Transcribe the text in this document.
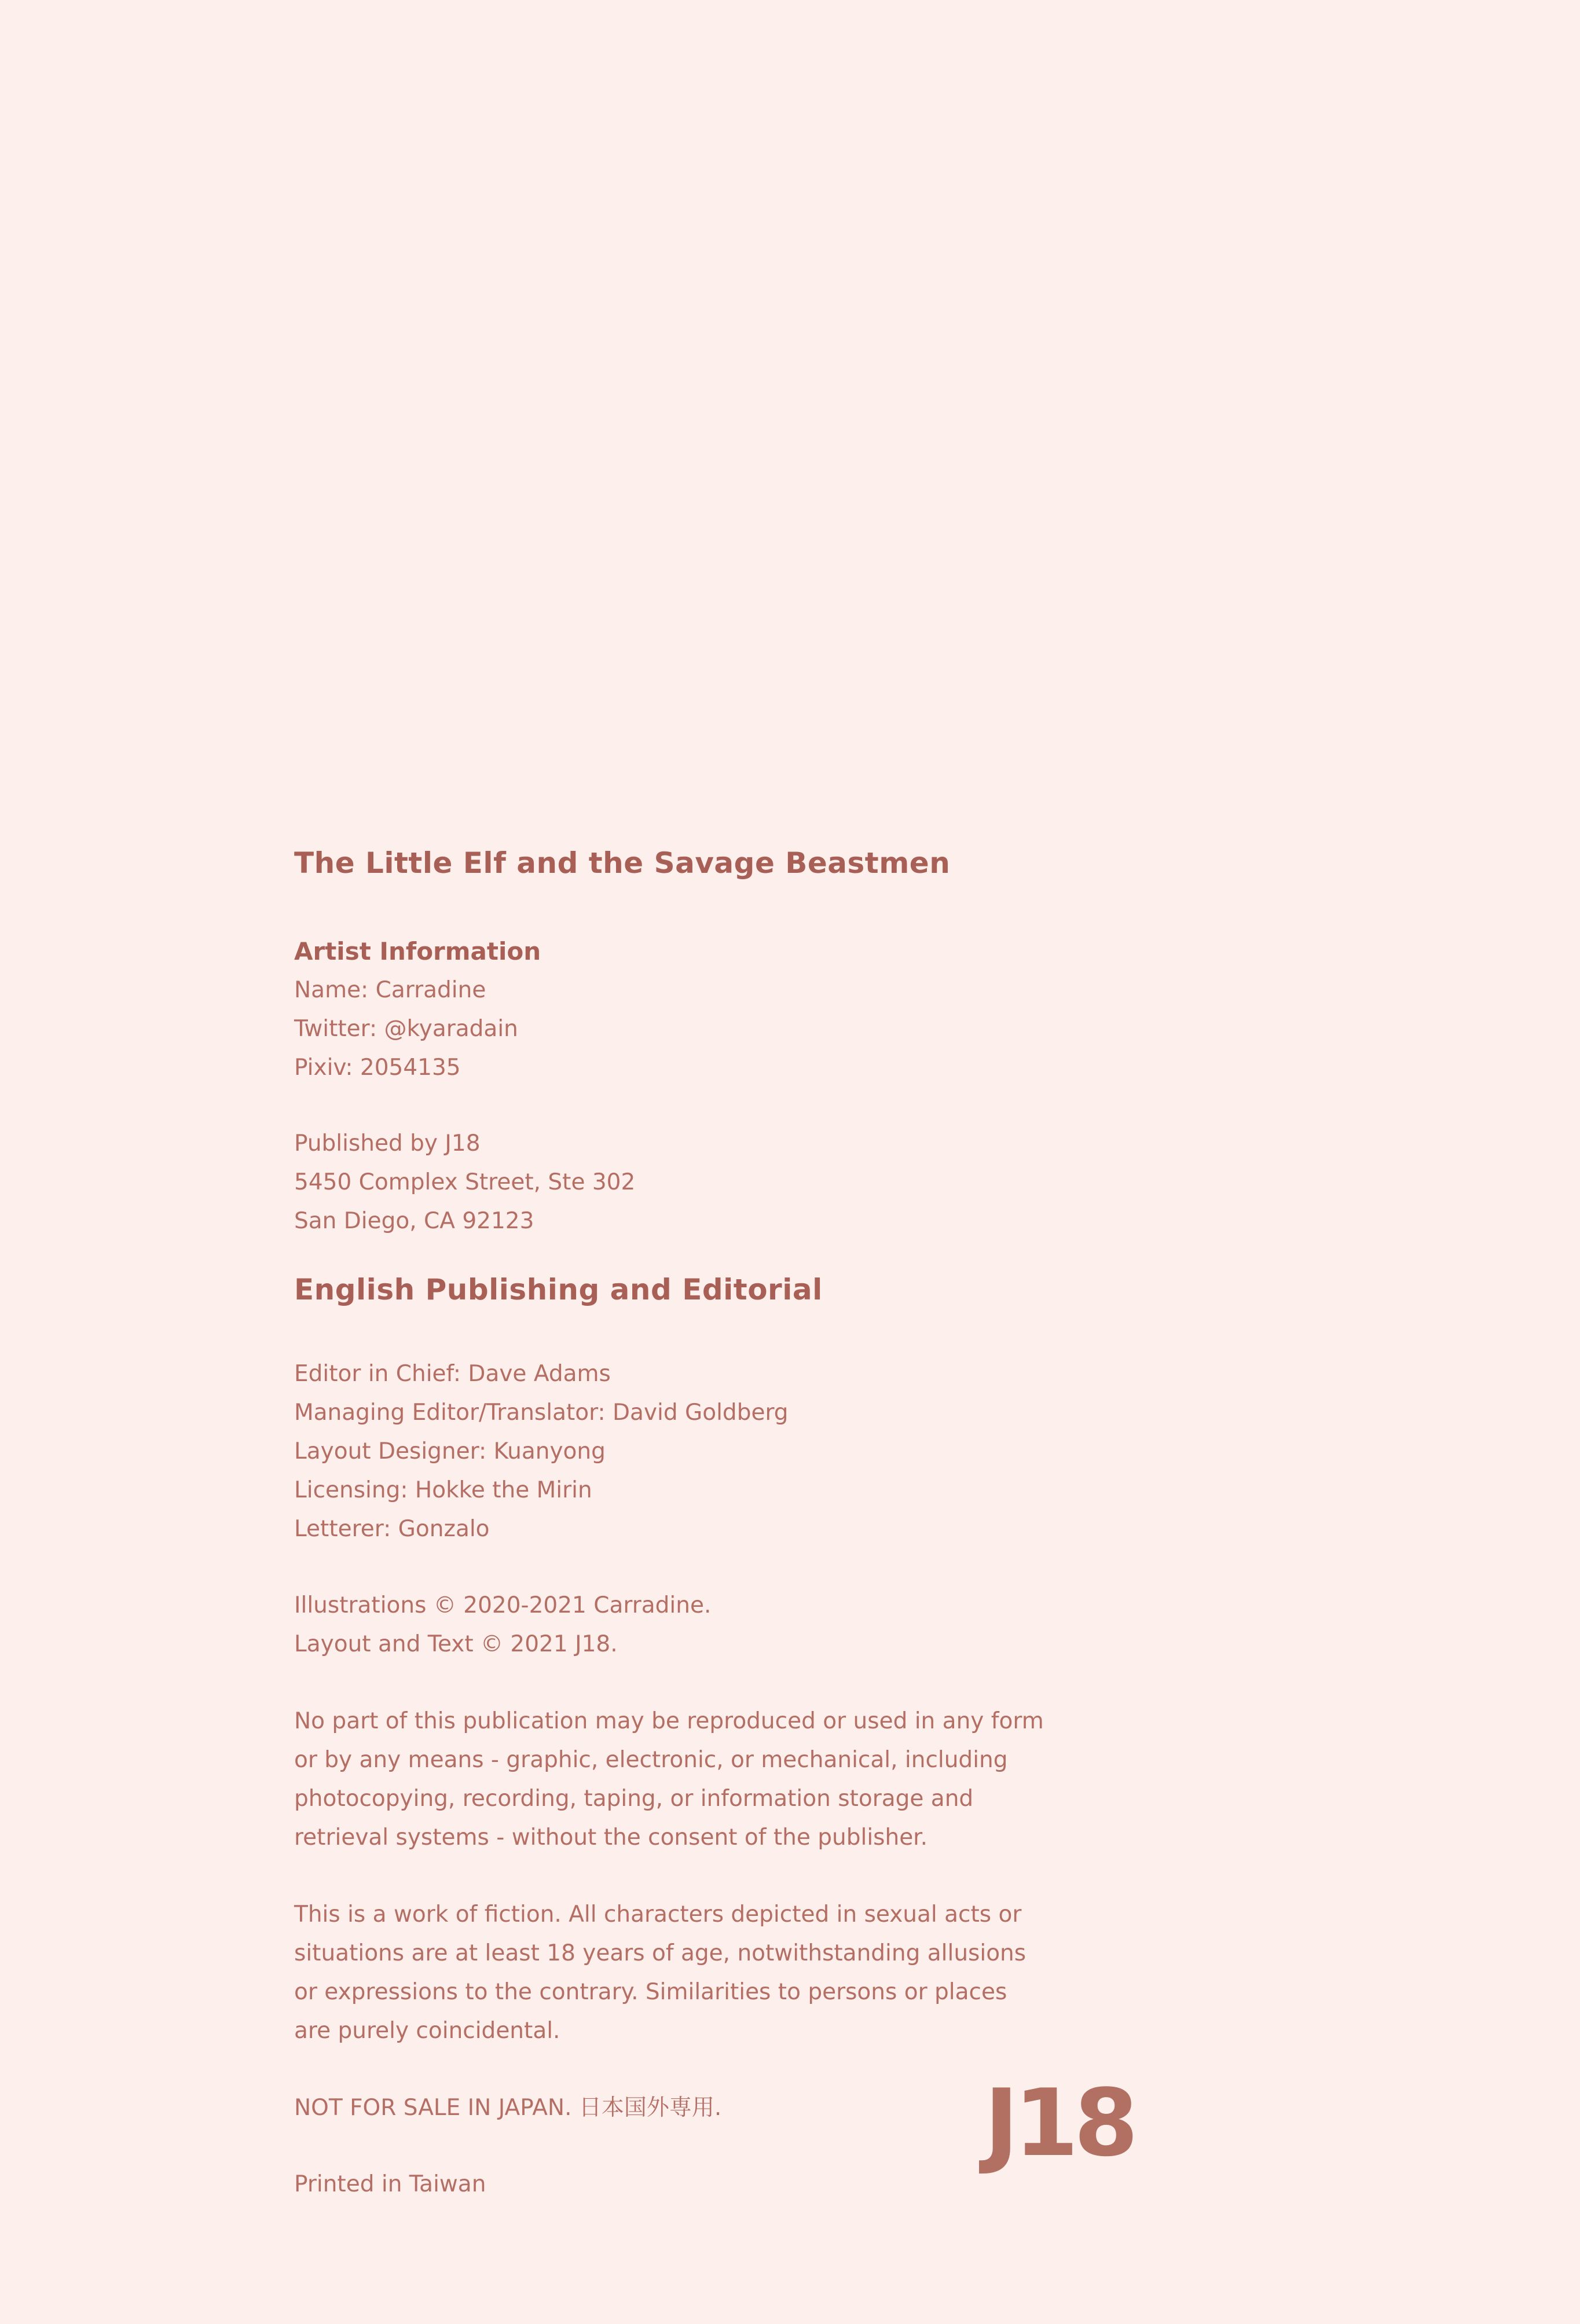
The Little Elf and the Savage Beastmen
Artist Information
Name: Carradine
Twitter: @kyaradain
Pixiv: 2054135
Published by J18
5450 Complex Street, Ste 302
San Diego, CA 92123
English Publishing and Editorial
Editor in Chief: Dave Adams
Managing Editor/Translator: David Goldberg
Layout Designer: Kuanyong
Licensing: Hokke the Mirin
Letterer: Gonzalo
Illustrations © 2020-2021 Carradine.
Layout and Text © 2021 J18.
No part of this publication may be reproduced or used in any form
or by any means - graphic, electronic, or mechanical, including
photocopying, recording, taping, or information storage and
retrieval systems - without the consent of the publisher.
This is a work of fiction. All characters depicted in sexual acts or
situations are at least 18 years of age, notwithstanding allusions
or expressions to the contrary. Similarities to persons or places
are purely coincidental.
NOT FOR SALE IN JAPAN. 日本国外専用.
Printed in Taiwan
J18
